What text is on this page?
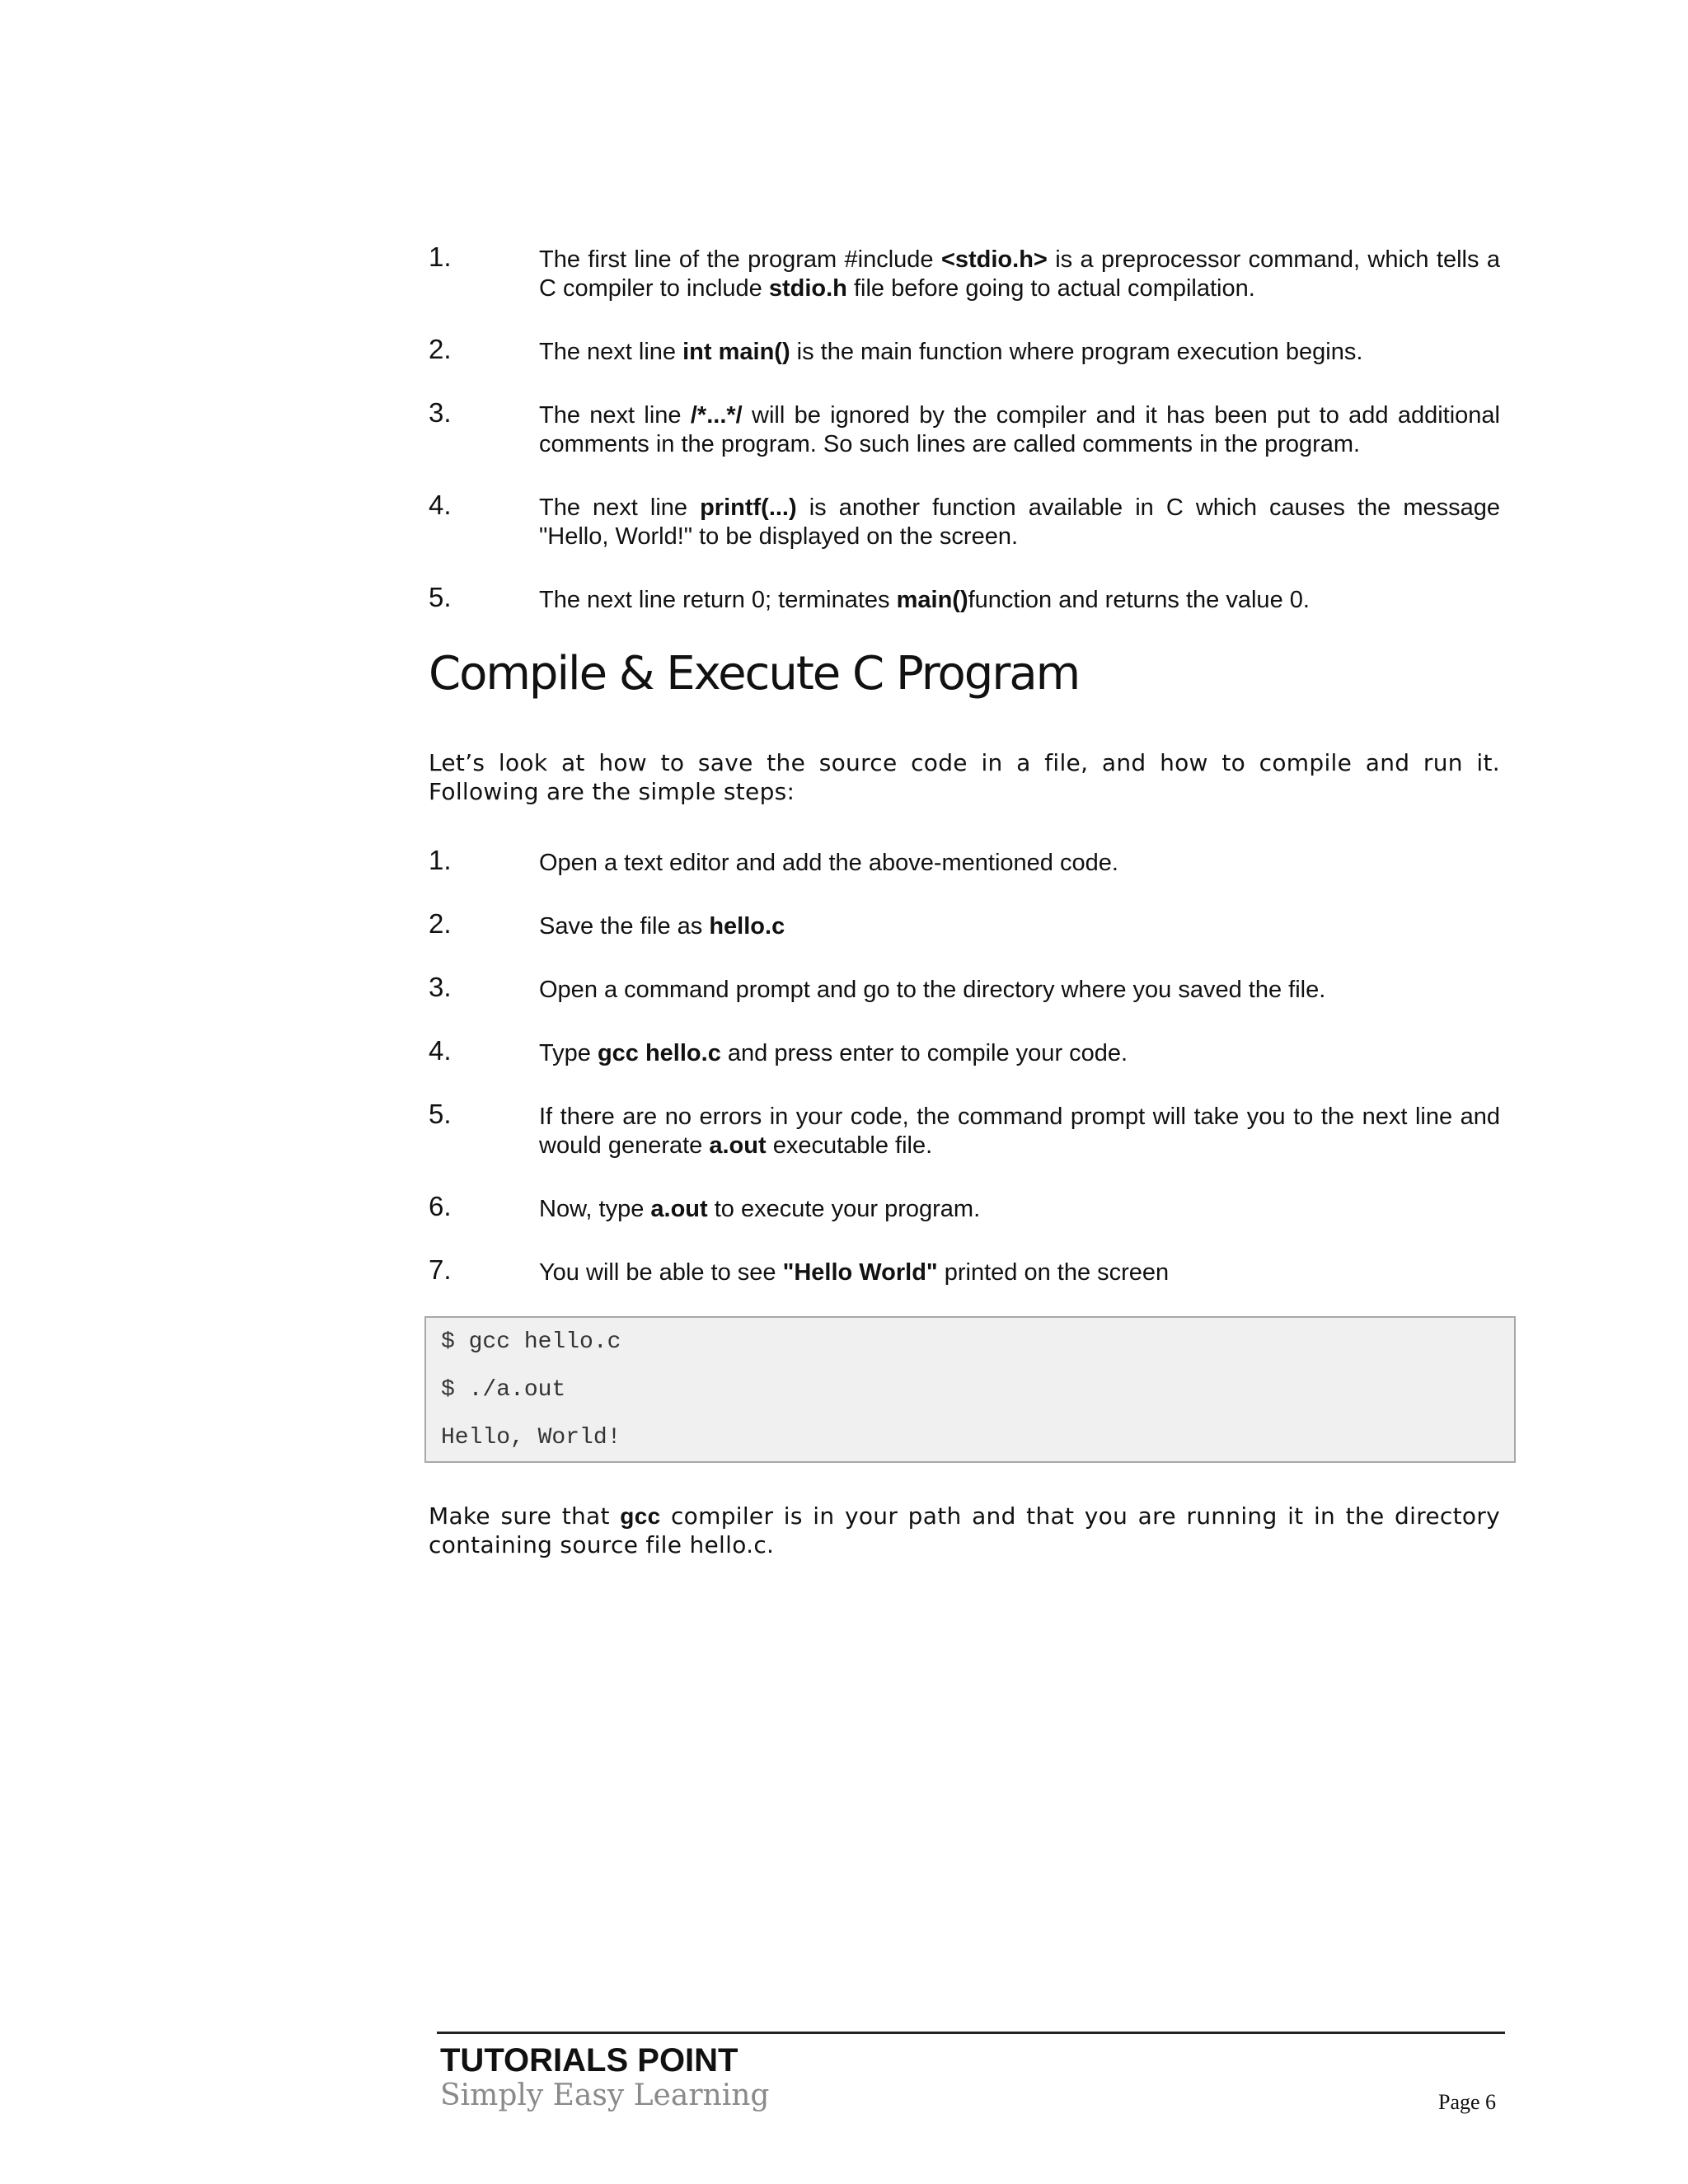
1.	The first line of the program #include <stdio.h> is a preprocessor command, which tells a C compiler to include stdio.h file before going to actual compilation.
2.	The next line int main() is the main function where program execution begins.
3.	The next line /*...*/ will be ignored by the compiler and it has been put to add additional comments in the program. So such lines are called comments in the program.
4.	The next line printf(...) is another function available in C which causes the message "Hello, World!" to be displayed on the screen.
5.	The next line return 0; terminates main()function and returns the value 0.
Compile & Execute C Program

Let’s look at how to save the source code in a file, and how to compile and run it. Following are the simple steps:

1.	Open a text editor and add the above-mentioned code.
2.	Save the file as hello.c
3.	Open a command prompt and go to the directory where you saved the file.
4.	Type gcc hello.c and press enter to compile your code.
5.	If there are no errors in your code, the command prompt will take you to the next line and would generate a.out executable file.
6.	Now, type a.out to execute your program.
7.	You will be able to see "Hello World" printed on the screen
$ gcc hello.c
$ ./a.out
Hello, World!

Make sure that gcc compiler is in your path and that you are running it in the directory containing source file hello.c.

TUTORIALS POINT
Simply Easy Learning	Page 6
